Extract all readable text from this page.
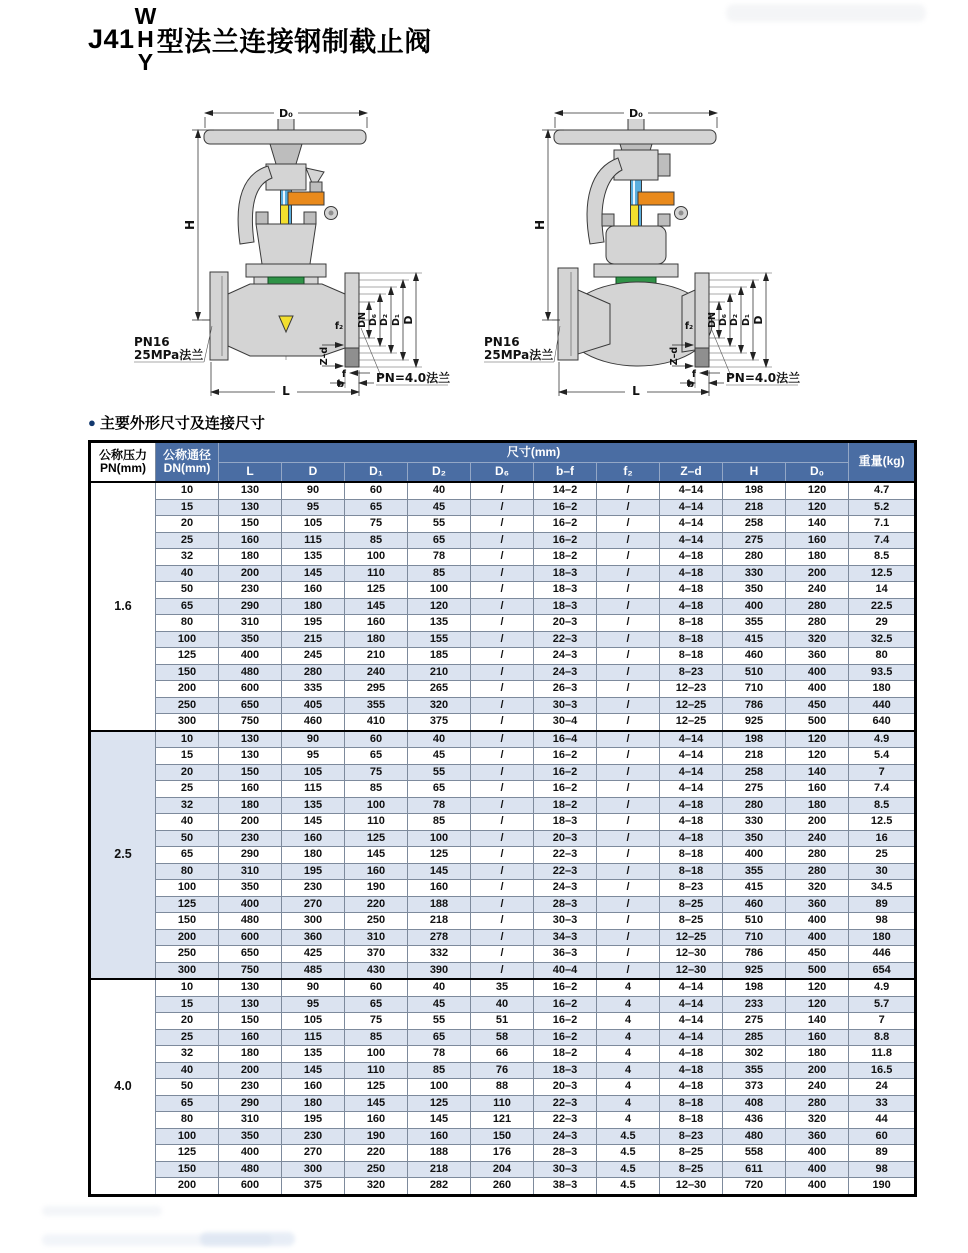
J41
W
H
Y
型法兰连接钢制截止阀
D₀
H
L
DN D₆ D₂ D₁ D
f₂
Z–d
f
b
PN16
25MPa法兰
PN=4.0法兰
D₀
H
L
DN D₆ D₂ D₁ D
f₂
Z–d
f
b
PN16
25MPa法兰
PN=4.0法兰
● 主要外形尺寸及连接尺寸
公称压力
PN(mm)

公称通径
DN(mm)
	尺寸(mm)	重量(kg)
		L	D	D₁	D₂	D₆	b–f	f₂	Z–d	H	D₀	
1.6	10	130	90	60	40	/	14–2	/	4–14	198	120	4.7
	15	130	95	65	45	/	16–2	/	4–14	218	120	5.2
	20	150	105	75	55	/	16–2	/	4–14	258	140	7.1
	25	160	115	85	65	/	16–2	/	4–14	275	160	7.4
	32	180	135	100	78	/	18–2	/	4–18	280	180	8.5
	40	200	145	110	85	/	18–3	/	4–18	330	200	12.5
	50	230	160	125	100	/	18–3	/	4–18	350	240	14
	65	290	180	145	120	/	18–3	/	4–18	400	280	22.5
	80	310	195	160	135	/	20–3	/	8–18	355	280	29
	100	350	215	180	155	/	22–3	/	8–18	415	320	32.5
	125	400	245	210	185	/	24–3	/	8–18	460	360	80
	150	480	280	240	210	/	24–3	/	8–23	510	400	93.5
	200	600	335	295	265	/	26–3	/	12–23	710	400	180
	250	650	405	355	320	/	30–3	/	12–25	786	450	440
	300	750	460	410	375	/	30–4	/	12–25	925	500	640
2.5	10	130	90	60	40	/	16–4	/	4–14	198	120	4.9
	15	130	95	65	45	/	16–2	/	4–14	218	120	5.4
	20	150	105	75	55	/	16–2	/	4–14	258	140	7
	25	160	115	85	65	/	16–2	/	4–14	275	160	7.4
	32	180	135	100	78	/	18–2	/	4–18	280	180	8.5
	40	200	145	110	85	/	18–3	/	4–18	330	200	12.5
	50	230	160	125	100	/	20–3	/	4–18	350	240	16
	65	290	180	145	125	/	22–3	/	8–18	400	280	25
	80	310	195	160	145	/	22–3	/	8–18	355	280	30
	100	350	230	190	160	/	24–3	/	8–23	415	320	34.5
	125	400	270	220	188	/	28–3	/	8–25	460	360	89
	150	480	300	250	218	/	30–3	/	8–25	510	400	98
	200	600	360	310	278	/	34–3	/	12–25	710	400	180
	250	650	425	370	332	/	36–3	/	12–30	786	450	446
	300	750	485	430	390	/	40–4	/	12–30	925	500	654
4.0	10	130	90	60	40	35	16–2	4	4–14	198	120	4.9
	15	130	95	65	45	40	16–2	4	4–14	233	120	5.7
	20	150	105	75	55	51	16–2	4	4–14	275	140	7
	25	160	115	85	65	58	16–2	4	4–14	285	160	8.8
	32	180	135	100	78	66	18–2	4	4–18	302	180	11.8
	40	200	145	110	85	76	18–3	4	4–18	355	200	16.5
	50	230	160	125	100	88	20–3	4	4–18	373	240	24
	65	290	180	145	125	110	22–3	4	8–18	408	280	33
	80	310	195	160	145	121	22–3	4	8–18	436	320	44
	100	350	230	190	160	150	24–3	4.5	8–23	480	360	60
	125	400	270	220	188	176	28–3	4.5	8–25	558	400	89
	150	480	300	250	218	204	30–3	4.5	8–25	611	400	98
	200	600	375	320	282	260	38–3	4.5	12–30	720	400	190
